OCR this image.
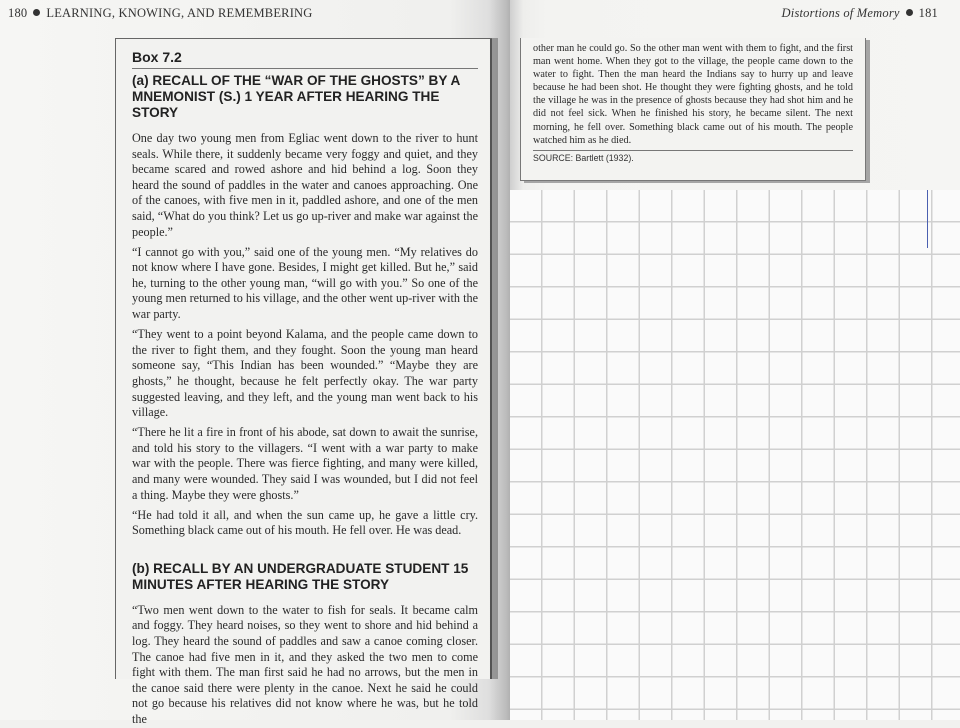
180 LEARNING, KNOWING, AND REMEMBERING
Box 7.2
(a) RECALL OF THE “WAR OF THE GHOSTS” BY A MNEMONIST (S.) 1 YEAR AFTER HEARING THE STORY

One day two young men from Egliac went down to the river to hunt seals. While there, it suddenly became very foggy and quiet, and they became scared and rowed ashore and hid behind a log. Soon they heard the sound of paddles in the water and canoes approaching. One of the canoes, with five men in it, paddled ashore, and one of the men said, “What do you think? Let us go up-river and make war against the people.”

“I cannot go with you,” said one of the young men. “My relatives do not know where I have gone. Besides, I might get killed. But he,” said he, turning to the other young man, “will go with you.” So one of the young men returned to his village, and the other went up-river with the war party.

“They went to a point beyond Kalama, and the people came down to the river to fight them, and they fought. Soon the young man heard someone say, “This Indian has been wounded.” “Maybe they are ghosts,” he thought, because he felt perfectly okay. The war party suggested leaving, and they left, and the young man went back to his village.

“There he lit a fire in front of his abode, sat down to await the sunrise, and told his story to the villagers. “I went with a war party to make war with the people. There was fierce fighting, and many were killed, and many were wounded. They said I was wounded, but I did not feel a thing. Maybe they were ghosts.”

“He had told it all, and when the sun came up, he gave a little cry. Something black came out of his mouth. He fell over. He was dead.

(b) RECALL BY AN UNDERGRADUATE STUDENT 15 MINUTES AFTER HEARING THE STORY

“Two men went down to the water to fish for seals. It became calm and foggy. They heard noises, so they went to shore and hid behind a log. They heard the sound of paddles and saw a canoe coming closer. The canoe had five men in it, and they asked the two men to come fight with them. The man first said he had no arrows, but the men in the canoe said there were plenty in the canoe. Next he said he could not go because his relatives did not know where he was, but he told the

Distortions of Memory 181

other man he could go. So the other man went with them to fight, and the first man went home. When they got to the village, the people came down to the water to fight. Then the man heard the Indians say to hurry up and leave because he had been shot. He thought they were fighting ghosts, and he told the village he was in the presence of ghosts because they had shot him and he did not feel sick. When he finished his story, he became silent. The next morning, he fell over. Something black came out of his mouth. The people watched him as he died.

SOURCE: Bartlett (1932).
